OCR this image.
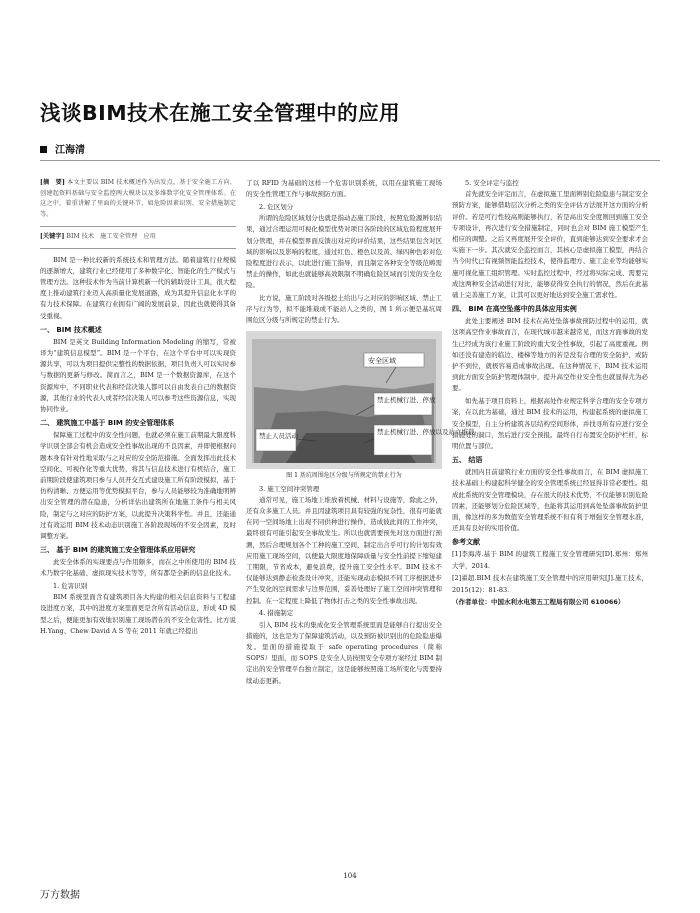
浅谈BIM技术在施工安全管理中的应用
江海清

[摘　要] 本文主要以 BIM 技术概述作为出发点，基于安全施工方向，创建起资料基础与安全监控两大模块以及多维数字化安全管理体系。在这之中，着重讲解了里面的关键环节，如危险因素识别、安全措施制定等。

[关键字] BIM 技术　施工安全管理　应用

BIM 是一种比较新的系统技术和管理方法。随着建筑行业规模的逐渐增大，建筑行业已经使用了多种数字化、智能化的生产模式与管理方法。这种技术作为当前计算机新一代的辅助设计工具，很大程度上推动建筑行业迈入高质量化发展道路，成为其提升信息化水平的有力技术保障。在建筑行业拥有广阔的发展前景，因此也就使得其备受重视。

一、 BIM 技术概述

BIM 是英文 Building Information Modeling 的缩写，常被译为“建筑信息模型”。BIM 是一个平台，在这个平台中可以实现资源共享，可以为项目提供完整性的数据依据，项目负责人可以实时参与数据的更新与修改。简而言之，BIM 是一个数据资源库，在这个资源库中，不同职业代表和经营决策人都可以自由发表自己的数据资源，其他行业的代表人或者经营决策人可以参考这些资源信息，实现协同作业。

二、 建筑施工中基于 BIM 的安全管理体系

保障施工过程中的安全性问题，也就必须在施工前期最大限度科学识别全部会有机会造成安全性事故出现的不良因素，并即使根据问题本身有针对性地采取与之对应的安全防范措施。全面发挥出此技术空间化、可视作化等重大优势，将其与信息技术进行有机结合，施工前期阶段使建筑项目参与人员开交互式建设施工所有阶段模拟，基于仿构清晰、方便运用等优势模拟平台，参与人员能够较为准确地明辨出安全管理的潜在隐患，分析详估出建筑所在地施工条件与相关风险，制定与之对应的防护方案，以此提升决策科学性。并且，还能通过有效运用 BIM 技术动态识别施工各阶段现场的不安全因素，及时调整方案。

三、 基于 BIM 的建筑施工安全管理体系应用研究

此安全体系的实现要点与作用颇多，而在之中所使用的 BIM 技术乃数字化基础、虚拟现实技术等等，所有都是全新的信息化技术。

1. 危害识别

BIM 系统里面含有建筑项目各大构建的相关信息资料与工程建设进度方案，其中的进度方案里面更是含所有活动信息，形成 4D 模型之后，便能更加有效地识别施工现场潜在的不安全危害性。比方说 H.Yang、Chew David A S 等在 2011 年就已经提出

了以 RFID 为基础的这样一个危害识别系统，以用在建筑施工现场的安全性管理工作与事故预防方面。

2. 危区划分

所谓的危险区域划分也就是指动态施工阶段，按照危险源辨识结果，通过合理运用可视化模型优势对项目各阶段的区域危险程度展开划分管理，并在模型界面反馈出对应的评价结果，这些结果包含对区域的影响以及影响的程度，通过红色、橙色以及黄、绿四种色彩对危险程度进行表示，以此进行施工指导，而且制定各种安全等级范畴需禁止的操作，如此也就能够高效限制不明确危险区域而引发的安全危险。

比方说，施工阶段对各级挖土给出与之对应的影响区域、禁止工序与行为等，拟不能堆载或不能站人之类的，图 1 所示便是基坑周围危区分级与所规定的禁止行为。

安全区域
禁止机械行进、停放
禁止人员活动	禁止机械行进、停放以及站立堆载
图 1 基坑周围危区分级与所规定的禁止行为
3. 施工空间冲突管理

通常可见，施工场地上堆放着机械、材料与设施等，除此之外，还有众多施工人员。并且因建筑项目具有较强的复杂性，很有可能就在同一空间场地上出现不同供种进行操作，造成彼此间的工作冲突，最终很有可能引起安全事故发生。所以也就需要预先对这方面进行预测，然后合理规划各个工种的施工空间，制定出合乎可行的计划有效应用施工现场空间，以便最大限度地保障质量与安全性前提下缩短建工期限，节省成本，避免浪费，提升施工安全性水平。BIM 技术不仅能够达到静态检查设计冲突，还能实现动态模拟不同工序根据进步产生变化的空间需求与边界范围，妥善处理好了施工空间冲突管理和控制。在一定程度上降低了物体打击之类的安全性事故出现。

4. 措施制定

引入 BIM 技术的集成化安全管理系统里面是能够自行提出安全措施的，这也是为了保障建筑活动，以及预防被识别出的危险隐患爆发。里面的措施提取于 safe operating procedures（简称 SOPS）里面，而 SOPS 是安全人员按照安全专项方案经过 BIM 制定出的安全管理平台独立制定，这是能够按照施工场所变化与需要持续动态更新。

5. 安全评定与监控

首先就安全评定而言，在虚拟施工里面辨别危险隐患与制定安全预防方案，能够借助层次分析之类的安全评估方法展开这方面的分析评价。若是可行性较高则能够执行，若是高出安全度则回到施工安全专项设计，再次进行安全措施制定，同时也会对 BIM 施工模型产生相应的调整。之后又再度展开安全评价，直到能够达到安全要求才会实施下一步。其次就安全监控而言，其核心是虚拟施工模型，再结合当今时代已有视频智能监控技术，使得监理方、施工企业等均能够实施可视化施工组织管理。实时监控过程中，经过将实际完成、需要完成这两种安全活动进行对比，能够获得安全执行的情况，然后在此基础上完善施工方案，让其可以更好地达到安全施工需求性。

四、 BIM 在高空坠落中的具体应用实例

此处主要阐述 BIM 技术在高处坠落事故预防过程中的运用，就这项高空作业事故而言，在现代城市越来越常见，而这方面事故的发生已经成为该行业施工阶段的重大安全性事故，引起了高度重视。例如还没有建造的临边、楼梯等地方的若是没有合理的安全防护，或防护不到位，就极容易造成事故出现。在这种情况下，BIM 技术运用到此方面安全防护管理体制中，提升高空作业安全性也就显得尤为必要。

如先基于项目资料上，根据高处作业规定科学合理的安全专项方案，在以此为基础，通过 BIM 技术的运用，构建起系统的虚拟施工安全模型，自主分析建筑各层结构空间形体，并找寻所有应进行安全措施处的洞口，然后进行安全预报。最终自行布置安全防护栏杆，标明位置与部位。

五、 结语

就国内目前建筑行业方面的安全性事故而言，在 BIM 虚拟施工技术基础上构建起科学健全的安全管理系统已经显得非常必要性。组成此系统的安全管理模块，存在很大的技术优势，不仅能够识别危险因素，还能够划分危险区域等，也能将其运用到高处坠落事故防护里面，像这样的多为数值安全管理系统不但有利于增强安全管理水准，还具有良好的实用价值。

参考文献

[1]李海涛.基于 BIM 的建筑工程施工安全管理研究[D].郑州：郑州大学，2014.

[2]翟超.BIM 技术在建筑施工安全管理中的应用研究[J].施工技术，2015(12)：81-83.

（作者单位：中国水利水电第五工程局有限公司 610066）

104
万方数据
